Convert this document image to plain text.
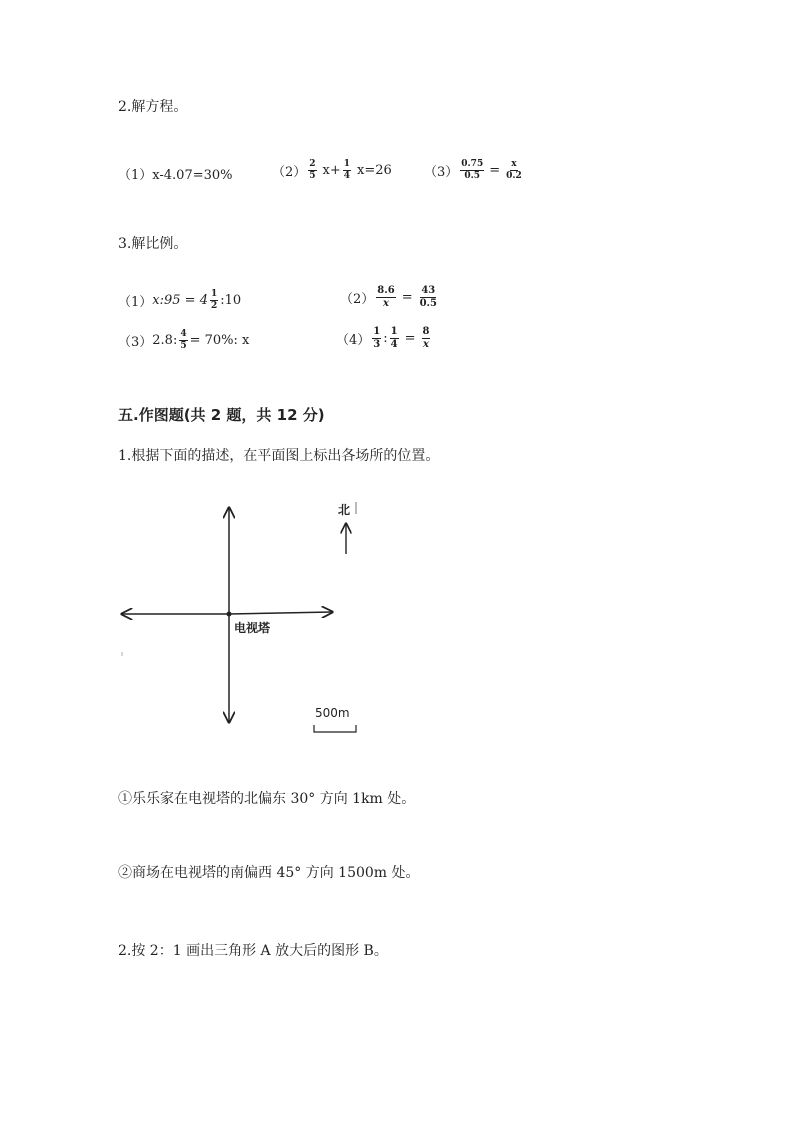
2.解方程。
（1）x-4.07=30%	$(2) \frac{2}{5} x+ \frac{1}{4} x=26$ $(3) \frac{0.75}{0.5} = \frac{x}{0.2}$
3.解比例。
（1） x:95 = $4 \frac{1}{2}$ :10	$(2) \frac{8.6}{x} = \frac{43}{0.5}$
（3） 2.8: $\frac{4}{5} = 70\%$: x	$(4) \frac{1}{3}$ : $\frac{1}{4} = \frac{8}{x}$
五.作图题(共 2 题，共 12 分)
1.根据下面的描述，在平面图上标出各场所的位置。
电视塔
北
500m
①乐乐家在电视塔的北偏东 30° 方向 1km 处。
②商场在电视塔的南偏西 45° 方向 1500m 处。
2.按 2：1 画出三角形 A 放大后的图形 B。
